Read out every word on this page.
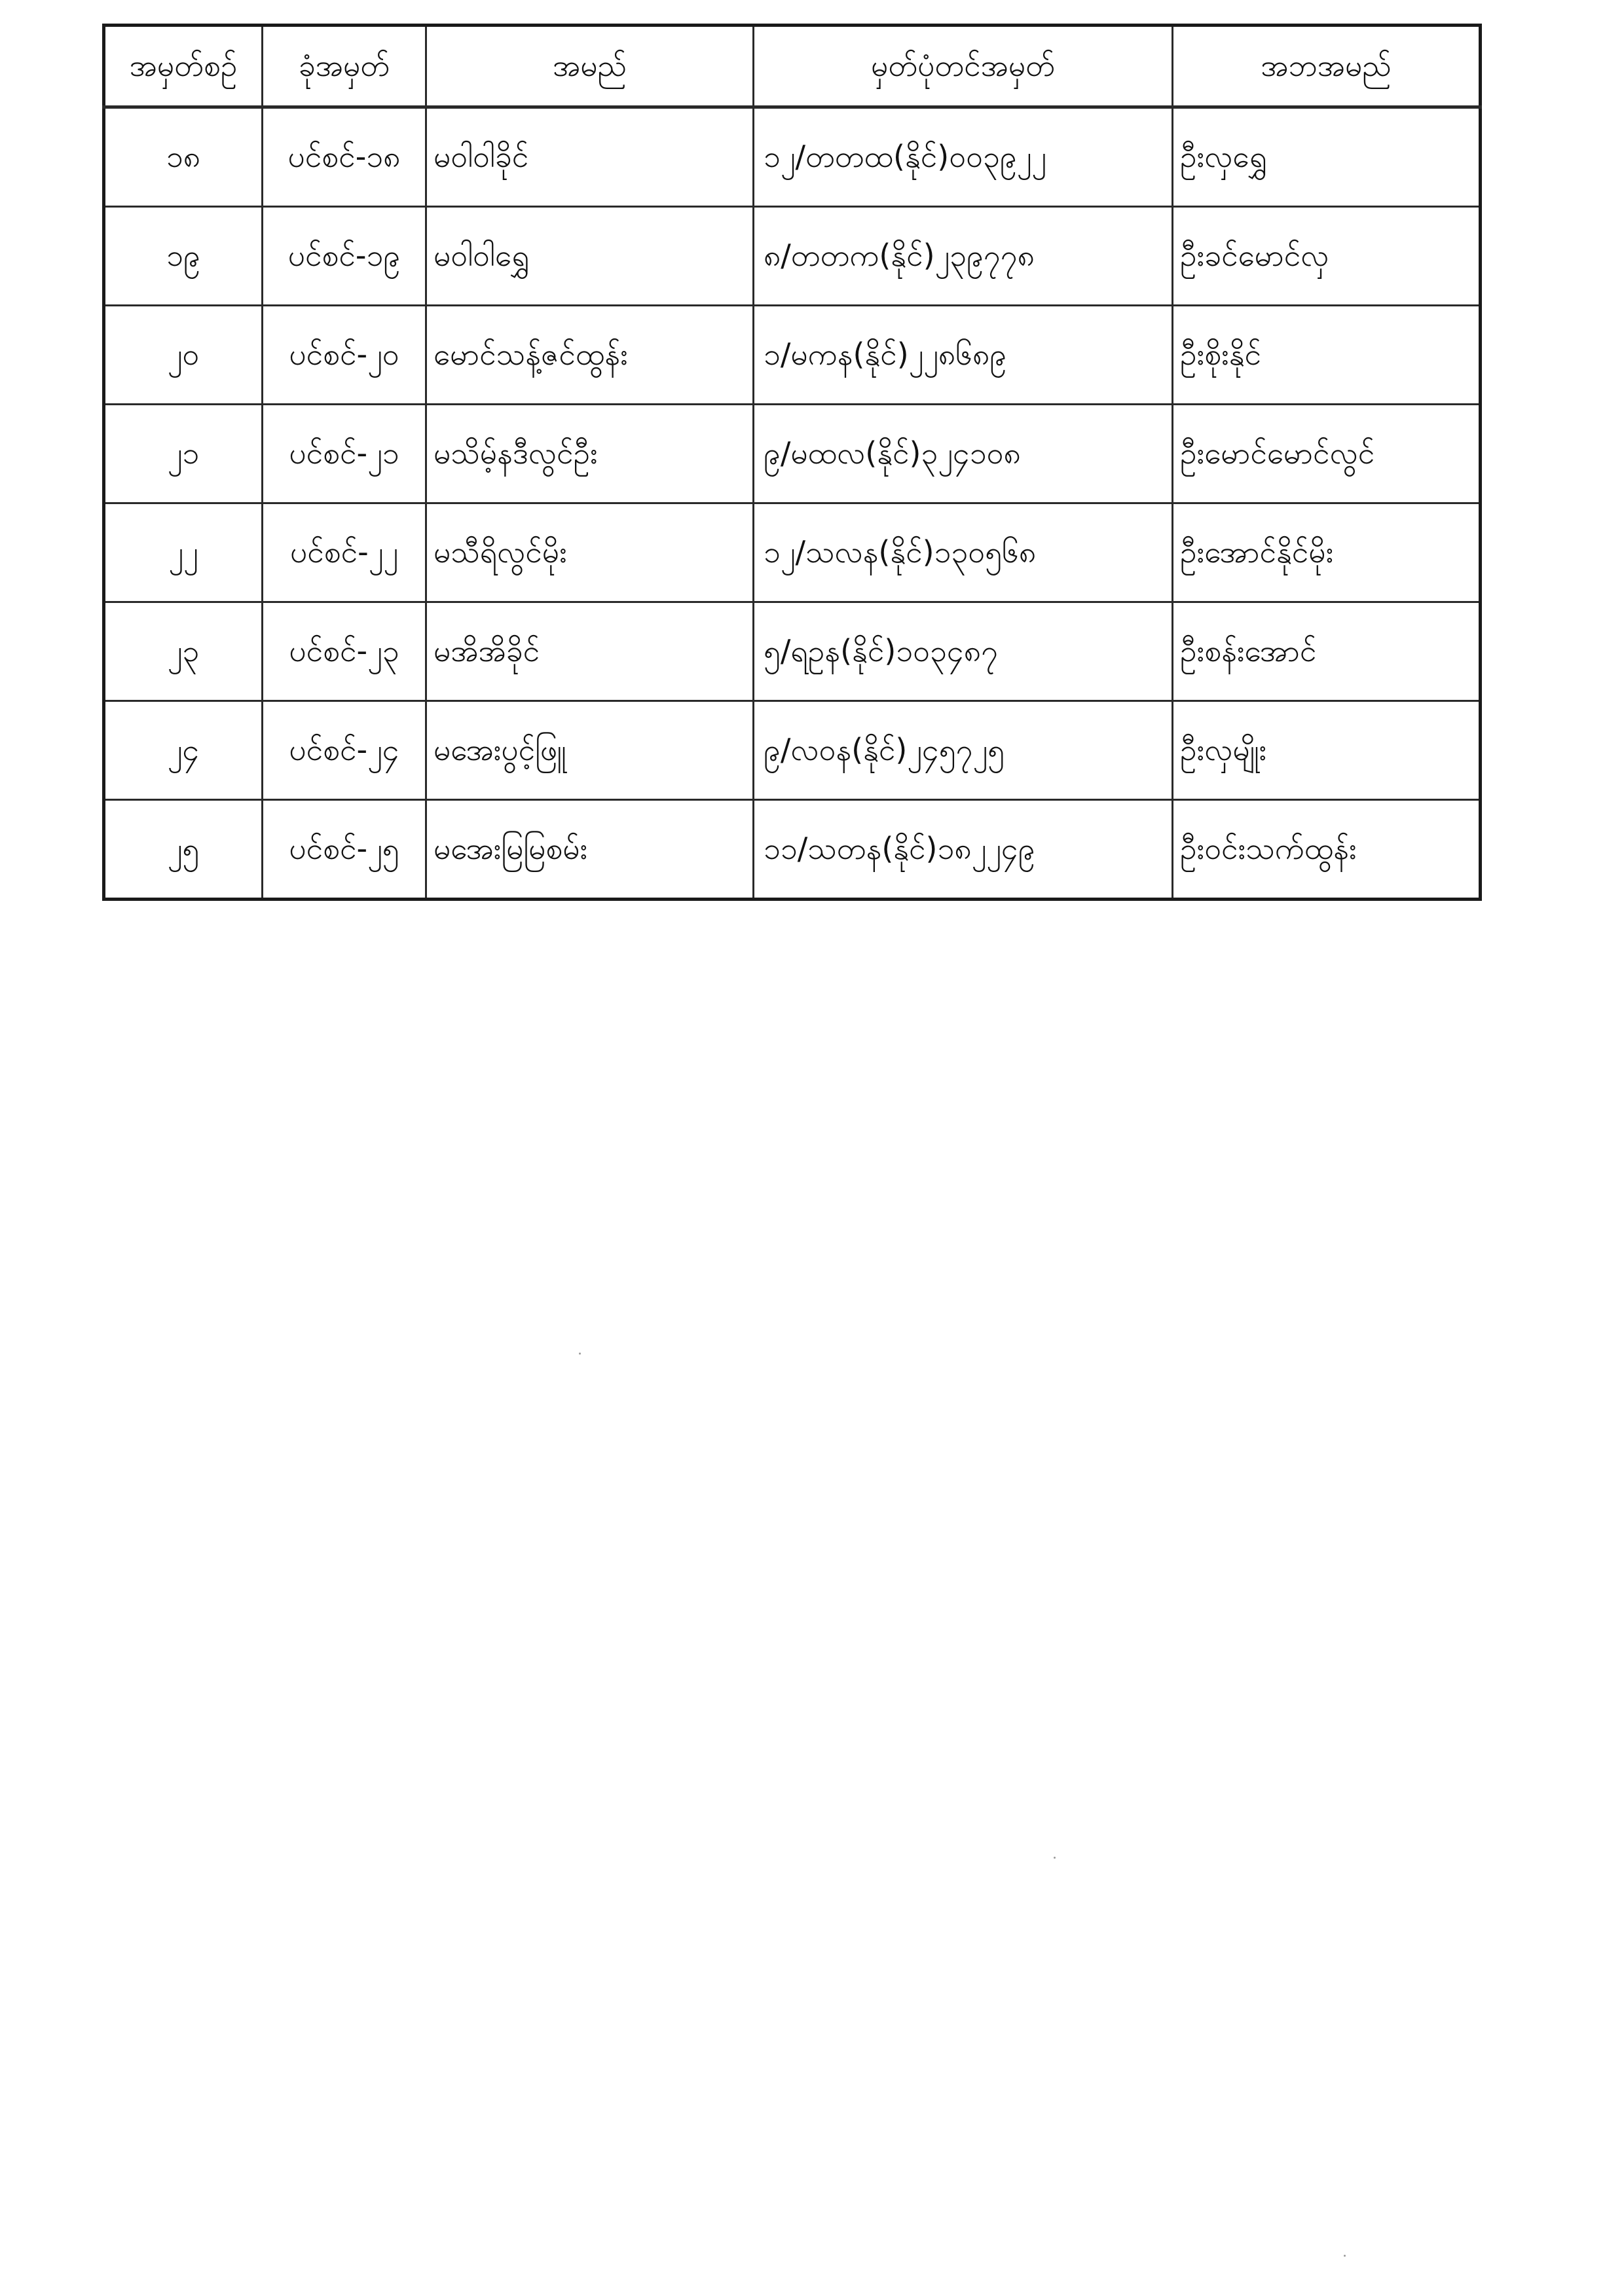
အမှတ်စဉ်	ခုံအမှတ်	အမည်	မှတ်ပုံတင်အမှတ်	အဘအမည်
၁၈	ပင်စင်-၁၈	မဝါဝါခိုင်	၁၂/တတထ(နိုင်)၀၀၃၉၂၂	ဦးလှရွှေ
၁၉	ပင်စင်-၁၉	မဝါဝါရွှေ	၈/တတက(နိုင်)၂၃၉၇၇၈	ဦးခင်မောင်လှ
၂၀	ပင်စင်-၂၀	မောင်သန့်ဇင်ထွန်း	၁/မကန(နိုင်)၂၂၈၆၈၉	ဦးစိုးနိုင်
၂၁	ပင်စင်-၂၁	မသိမ့်နဒီလွင်ဦး	၉/မထလ(နိုင်)၃၂၄၁၀၈	ဦးမောင်မောင်လွင်
၂၂	ပင်စင်-၂၂	မသီရိလွင်မိုး	၁၂/သလန(နိုင်)၁၃၀၅၆၈	ဦးအောင်နိုင်မိုး
၂၃	ပင်စင်-၂၃	မအိအိခိုင်	၅/ရဥန(နိုင်)၁၀၃၄၈၇	ဦးစန်းအောင်
၂၄	ပင်စင်-၂၄	မအေးပွင့်ဖြူ	၉/လဝန(နိုင်)၂၄၅၇၂၅	ဦးလှမျိုး
၂၅	ပင်စင်-၂၅	မအေးမြမြစမ်း	၁၁/သတန(နိုင်)၁၈၂၂၄၉	ဦးဝင်းသက်ထွန်း
